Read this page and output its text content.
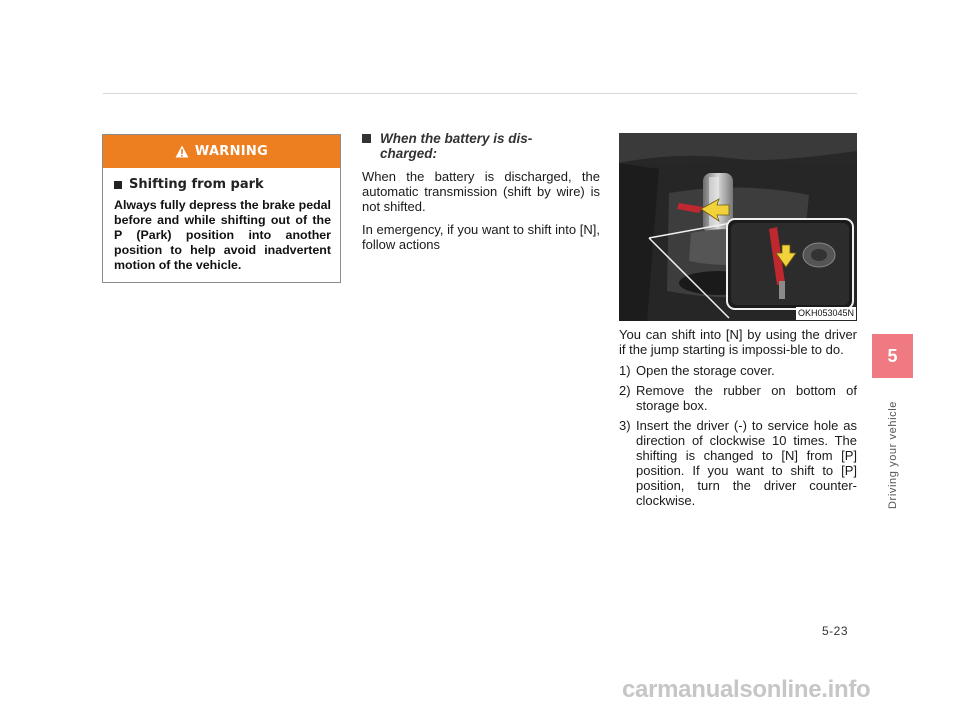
WARNING
Shifting from park
Always fully depress the brake pedal before and while shifting out of the P (Park) position into another position to help avoid inadvertent motion of the vehicle.
When the battery is dis-charged:

When the battery is discharged, the automatic transmission (shift by wire) is not shifted.

In emergency, if you want to shift into [N], follow actions

OKH053045N

You can shift into [N] by using the driver if the jump starting is impossi-ble to do.

1) Open the storage cover.
2) Remove the rubber on bottom of storage box.
3) Insert the driver (-) to service hole as direction of clockwise 10 times. The shifting is changed to [N] from [P] position. If you want to shift to [P] position, turn the driver counter-clockwise.
5
Driving your vehicle
5-23
carmanualsonline.info
